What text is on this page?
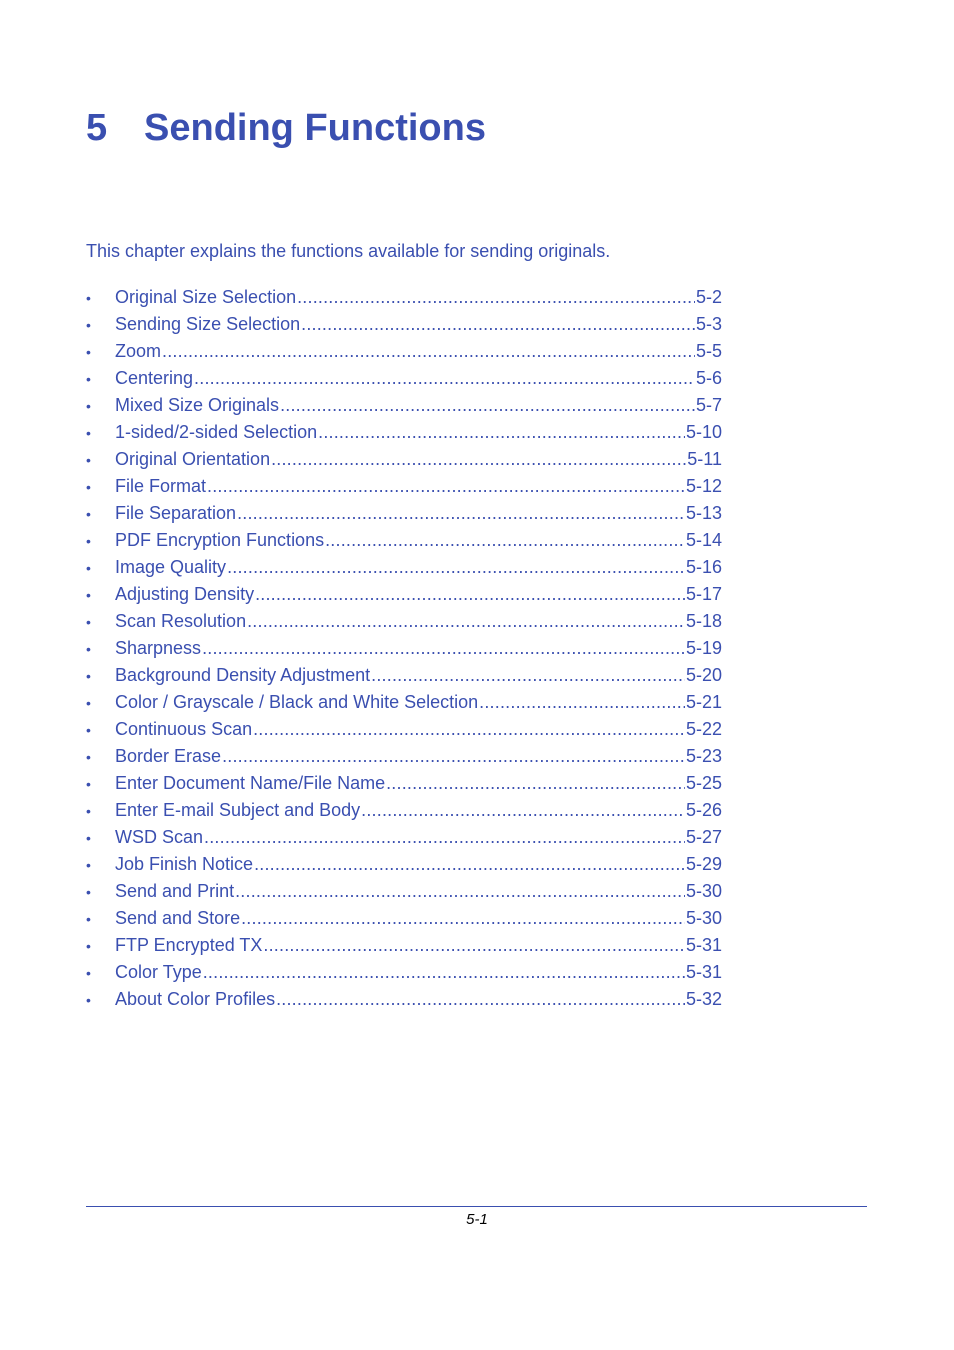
5 Sending Functions

This chapter explains the functions available for sending originals.

•	Original Size Selection .....	5-2
•	Sending Size Selection .....	5-3
•	Zoom .....	5-5
•	Centering .....	5-6
•	Mixed Size Originals .....	5-7
•	1-sided/2-sided Selection .....	5-10
•	Original Orientation .....	5-11
•	File Format .....	5-12
•	File Separation .....	5-13
•	PDF Encryption Functions .....	5-14
•	Image Quality .....	5-16
•	Adjusting Density .....	5-17
•	Scan Resolution .....	5-18
•	Sharpness .....	5-19
•	Background Density Adjustment .....	5-20
•	Color / Grayscale / Black and White Selection .....	5-21
•	Continuous Scan .....	5-22
•	Border Erase .....	5-23
•	Enter Document Name/File Name .....	5-25
•	Enter E-mail Subject and Body .....	5-26
•	WSD Scan .....	5-27
•	Job Finish Notice .....	5-29
•	Send and Print .....	5-30
•	Send and Store .....	5-30
•	FTP Encrypted TX .....	5-31
•	Color Type .....	5-31
•	About Color Profiles .....	5-32
5-1
